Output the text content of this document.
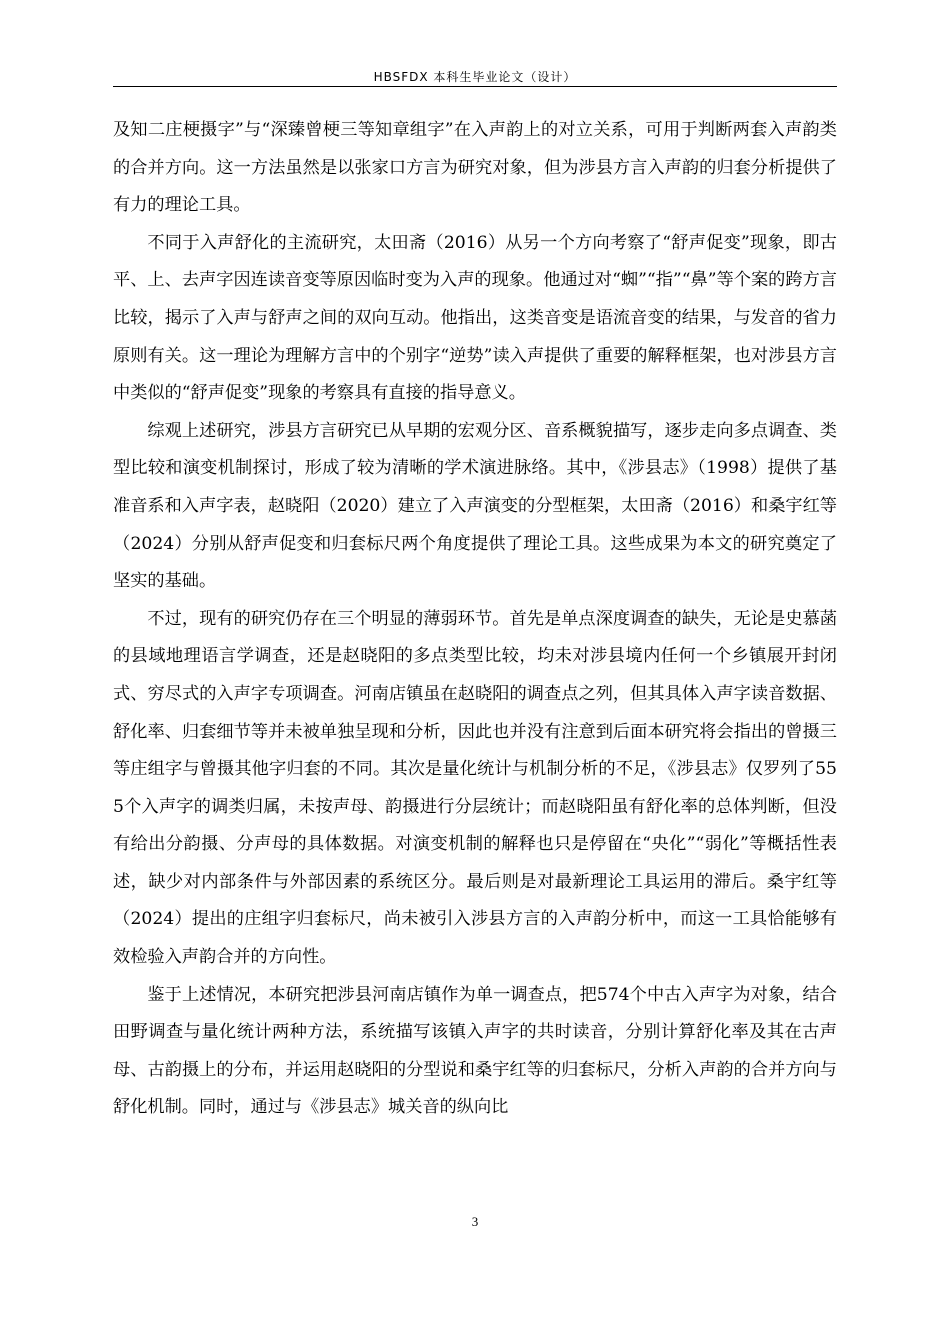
HBSFDX 本科生毕业论文（设计）

及知二庄梗摄字”与“深臻曾梗三等知章组字”在入声韵上的对立关系，可用于判断两套入声韵类的合并方向。这一方法虽然是以张家口方言为研究对象，但为涉县方言入声韵的归套分析提供了有力的理论工具。

不同于入声舒化的主流研究，太田斋（2016）从另一个方向考察了“舒声促变”现象，即古平、上、去声字因连读音变等原因临时变为入声的现象。他通过对“蜘”“指”“鼻”等个案的跨方言比较，揭示了入声与舒声之间的双向互动。他指出，这类音变是语流音变的结果，与发音的省力原则有关。这一理论为理解方言中的个别字“逆势”读入声提供了重要的解释框架，也对涉县方言中类似的“舒声促变”现象的考察具有直接的指导意义。

综观上述研究，涉县方言研究已从早期的宏观分区、音系概貌描写，逐步走向多点调查、类型比较和演变机制探讨，形成了较为清晰的学术演进脉络。其中，《涉县志》（1998）提供了基准音系和入声字表，赵晓阳（2020）建立了入声演变的分型框架，太田斋（2016）和桑宇红等（2024）分别从舒声促变和归套标尺两个角度提供了理论工具。这些成果为本文的研究奠定了坚实的基础。

不过，现有的研究仍存在三个明显的薄弱环节。首先是单点深度调查的缺失，无论是史慕菡的县域地理语言学调查，还是赵晓阳的多点类型比较，均未对涉县境内任何一个乡镇展开封闭式、穷尽式的入声字专项调查。河南店镇虽在赵晓阳的调查点之列，但其具体入声字读音数据、舒化率、归套细节等并未被单独呈现和分析，因此也并没有注意到后面本研究将会指出的曾摄三等庄组字与曾摄其他字归套的不同。其次是量化统计与机制分析的不足，《涉县志》仅罗列了555个入声字的调类归属，未按声母、韵摄进行分层统计；而赵晓阳虽有舒化率的总体判断，但没有给出分韵摄、分声母的具体数据。对演变机制的解释也只是停留在“央化”“弱化”等概括性表述，缺少对内部条件与外部因素的系统区分。最后则是对最新理论工具运用的滞后。桑宇红等（2024）提出的庄组字归套标尺，尚未被引入涉县方言的入声韵分析中，而这一工具恰能够有效检验入声韵合并的方向性。

鉴于上述情况，本研究把涉县河南店镇作为单一调查点，把574个中古入声字为对象，结合田野调查与量化统计两种方法，系统描写该镇入声字的共时读音，分别计算舒化率及其在古声母、古韵摄上的分布，并运用赵晓阳的分型说和桑宇红等的归套标尺，分析入声韵的合并方向与舒化机制。同时，通过与《涉县志》城关音的纵向比

3
